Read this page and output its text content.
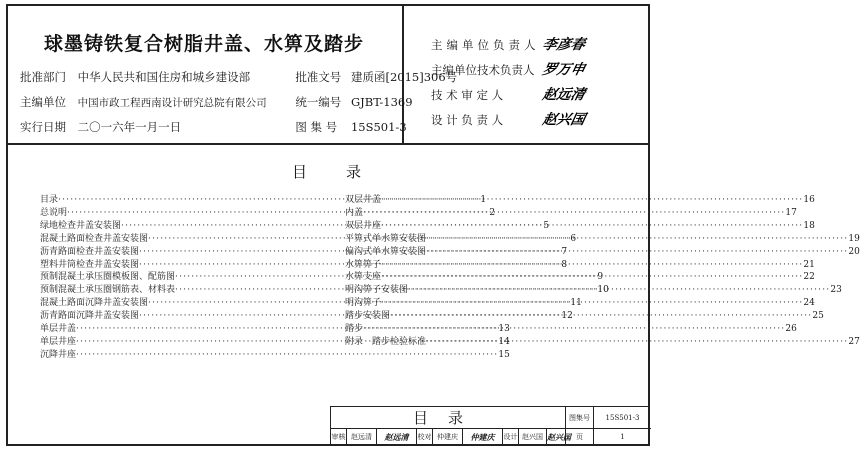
球墨铸铁复合树脂井盖、水箅及踏步
批准部门 中华人民共和国住房和城乡建设部	批准文号 建质函[2015]306号
主编单位 中国市政工程西南设计研究总院有限公司 统一编号 GJBT-1369
实行日期 二〇一六年一月一日	图 集 号 15S501-3
主编单位负责人 李彦春
主编单位技术负责人 罗万申
技 术 审 定 人	赵远清
设 计 负 责 人	赵兴国
目	录
目录 ·····	1
总说明 ·····	2
绿地检查井盖安装图 ·····	5
混凝土路面检查井盖安装图 ·····	6
沥青路面检查井盖安装图 ·····	7
塑料井筒检查井盖安装图 ·····	8
预制混凝土承压圈模板图、配筋图 ·····	9
预制混凝土承压圈钢筋表、材料表 ·····	10
混凝土路面沉降井盖安装图 ·····	11
沥青路面沉降井盖安装图 ·····	12
单层井盖 ·····	13
单层井座 ·····	14
沉降井座 ·····	15
双层井盖 ·····	16
内盖 ·····	17
双层井座 ·····	18
平箅式单水箅安装图 ·····	19
偏沟式单水箅安装图 ·····	20
水箅箅子 ·····	21
水箅支座 ·····	22
明沟箅子安装图 ·····	23
明沟箅子 ·····	24
踏步安装图 ·····	25
踏步 ·····	26
附录　踏步检验标准 ·····	27
目录	图集号	15S501-3
审核 赵远清	赵远清	校对 仲建庆	仲建庆	设计 赵兴国 赵兴国 页	1
